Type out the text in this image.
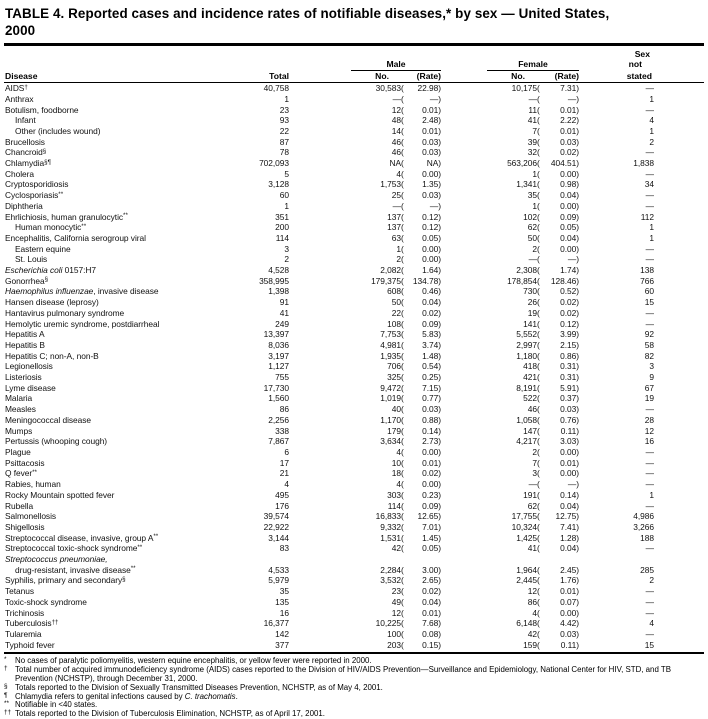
TABLE 4. Reported cases and incidence rates of notifiable diseases,* by sex — United States,
2000
Sex
Male	Female	not
Disease	Total	No.	(Rate)	No.	(Rate)	stated
AIDS†	40,758	30,583 (	22.98 )	10,175 (	7.31 )	—
Anthrax	1	— (	— )	— (	— )	1
Botulism, foodborne	23	12 (	0.01 )	11 (	0.01 )	—
Infant	93	48 (	2.48 )	41 (	2.22 )	4
Other (includes wound)	22	14 (	0.01 )	7 (	0.01 )	1
Brucellosis	87	46 (	0.03 )	39 (	0.03 )	2
Chancroid§	78	46 (	0.03 )	32 (	0.02 )	—
Chlamydia§¶	702,093	NA (	NA )	563,206 (	404.51 )	1,838
Cholera	5	4 (	0.00 )	1 (	0.00 )	—
Cryptosporidiosis	3,128	1,753 (	1.35 )	1,341 (	0.98 )	34
Cyclosporiasis**	60	25 (	0.03 )	35 (	0.04 )	—
Diphtheria	1	— (	— )	1 (	0.00 )	—
Ehrlichiosis, human granulocytic**	351	137 (	0.12 )	102 (	0.09 )	112
Human monocytic**	200	137 (	0.12 )	62 (	0.05 )	1
Encephalitis, California serogroup viral	114	63 (	0.05 )	50 (	0.04 )	1
Eastern equine	3	1 (	0.00 )	2 (	0.00 )	—
St. Louis	2	2 (	0.00 )	— (	— )	—
Escherichia coli 0157:H7	4,528	2,082 (	1.64 )	2,308 (	1.74 )	138
Gonorrhea§	358,995	179,375 (	134.78 )	178,854 (	128.46 )	766
Haemophilus influenzae, invasive disease	1,398	608 (	0.46 )	730 (	0.52 )	60
Hansen disease (leprosy)	91	50 (	0.04 )	26 (	0.02 )	15
Hantavirus pulmonary syndrome	41	22 (	0.02 )	19 (	0.02 )	—
Hemolytic uremic syndrome, postdiarrheal	249	108 (	0.09 )	141 (	0.12 )	—
Hepatitis A	13,397	7,753 (	5.83 )	5,552 (	3.99 )	92
Hepatitis B	8,036	4,981 (	3.74 )	2,997 (	2.15 )	58
Hepatitis C; non-A, non-B	3,197	1,935 (	1.48 )	1,180 (	0.86 )	82
Legionellosis	1,127	706 (	0.54 )	418 (	0.31 )	3
Listeriosis	755	325 (	0.25 )	421 (	0.31 )	9
Lyme disease	17,730	9,472 (	7.15 )	8,191 (	5.91 )	67
Malaria	1,560	1,019 (	0.77 )	522 (	0.37 )	19
Measles	86	40 (	0.03 )	46 (	0.03 )	—
Meningococcal disease	2,256	1,170 (	0.88 )	1,058 (	0.76 )	28
Mumps	338	179 (	0.14 )	147 (	0.11 )	12
Pertussis (whooping cough)	7,867	3,634 (	2.73 )	4,217 (	3.03 )	16
Plague	6	4 (	0.00 )	2 (	0.00 )	—
Psittacosis	17	10 (	0.01 )	7 (	0.01 )	—
Q fever**	21	18 (	0.02 )	3 (	0.00 )	—
Rabies, human	4	4 (	0.00 )	— (	— )	—
Rocky Mountain spotted fever	495	303 (	0.23 )	191 (	0.14 )	1
Rubella	176	114 (	0.09 )	62 (	0.04 )	—
Salmonellosis	39,574	16,833 (	12.65 )	17,755 (	12.75 )	4,986
Shigellosis	22,922	9,332 (	7.01 )	10,324 (	7.41 )	3,266
Streptococcal disease, invasive, group A**	3,144	1,531 (	1.45 )	1,425 (	1.28 )	188
Streptococcal toxic-shock syndrome**	83	42 (	0.05 )	41 (	0.04 )	—
Streptococcus pneumoniae,
drug-resistant, invasive disease**	4,533	2,284 (	3.00 )	1,964 (	2.45 )	285
Syphilis, primary and secondary§	5,979	3,532 (	2.65 )	2,445 (	1.76 )	2
Tetanus	35	23 (	0.02 )	12 (	0.01 )	—
Toxic-shock syndrome	135	49 (	0.04 )	86 (	0.07 )	—
Trichinosis	16	12 (	0.01 )	4 (	0.00 )	—
Tuberculosis††	16,377	10,225 (	7.68 )	6,148 (	4.42 )	4
Tularemia	142	100 (	0.08 )	42 (	0.03 )	—
Typhoid fever	377	203 (	0.15 )	159 (	0.11 )	15
*	No cases of paralytic poliomyelitis, western equine encephalitis, or yellow fever were reported in 2000.
† Total number of acquired immunodeficiency syndrome (AIDS) cases reported to the Division of HIV/AIDS Prevention—Surveillance and Epidemiology, National Center for HIV, STD, and TB Prevention (NCHSTP), through December 31, 2000.
§ Totals reported to the Division of Sexually Transmitted Diseases Prevention, NCHSTP, as of May 4, 2001.
¶ Chlamydia refers to genital infections caused by C. trachomatis.
** Notifiable in <40 states.
†† Totals reported to the Division of Tuberculosis Elimination, NCHSTP, as of April 17, 2001.
